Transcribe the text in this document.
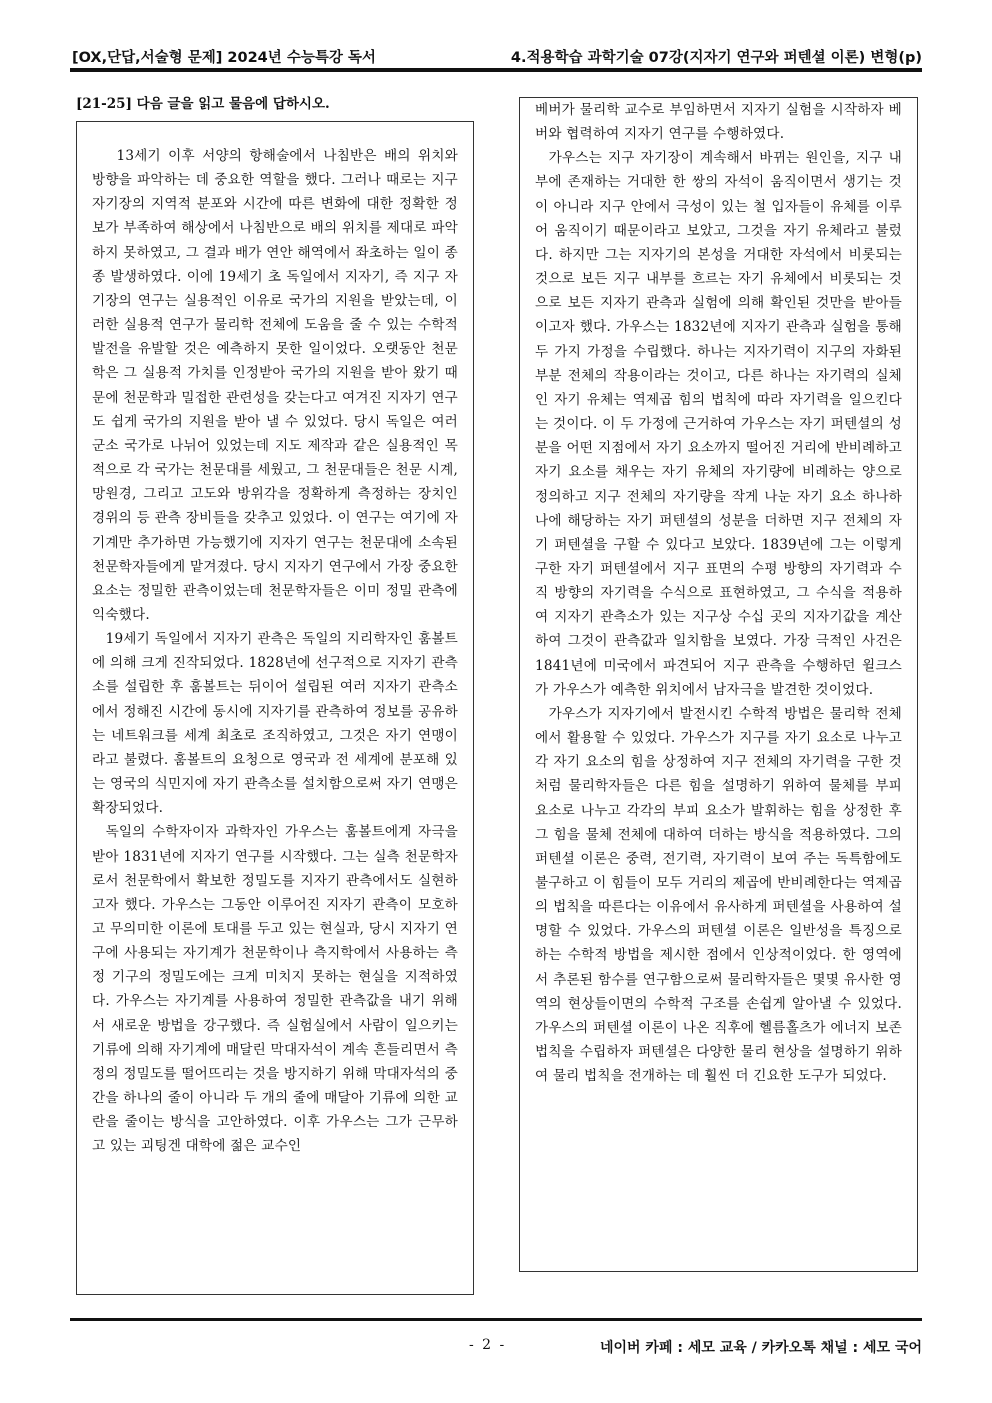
[OX,단답,서술형 문제] 2024년 수능특강 독서	4.적용학습 과학기술 07강(지자기 연구와 퍼텐셜 이론) 변형(p)
[21-25] 다음 글을 읽고 물음에 답하시오.

13세기 이후 서양의 항해술에서 나침반은 배의 위치와 방향을 파악하는 데 중요한 역할을 했다. 그러나 때로는 지구 자기장의 지역적 분포와 시간에 따른 변화에 대한 정확한 정보가 부족하여 해상에서 나침반으로 배의 위치를 제대로 파악하지 못하였고, 그 결과 배가 연안 해역에서 좌초하는 일이 종종 발생하였다. 이에 19세기 초 독일에서 지자기, 즉 지구 자기장의 연구는 실용적인 이유로 국가의 지원을 받았는데, 이러한 실용적 연구가 물리학 전체에 도움을 줄 수 있는 수학적 발전을 유발할 것은 예측하지 못한 일이었다. 오랫동안 천문학은 그 실용적 가치를 인정받아 국가의 지원을 받아 왔기 때문에 천문학과 밀접한 관련성을 갖는다고 여겨진 지자기 연구도 쉽게 국가의 지원을 받아 낼 수 있었다. 당시 독일은 여러 군소 국가로 나뉘어 있었는데 지도 제작과 같은 실용적인 목적으로 각 국가는 천문대를 세웠고, 그 천문대들은 천문 시계, 망원경, 그리고 고도와 방위각을 정확하게 측정하는 장치인 경위의 등 관측 장비들을 갖추고 있었다. 이 연구는 여기에 자기계만 추가하면 가능했기에 지자기 연구는 천문대에 소속된 천문학자들에게 맡겨졌다. 당시 지자기 연구에서 가장 중요한 요소는 정밀한 관측이었는데 천문학자들은 이미 정밀 관측에 익숙했다.

19세기 독일에서 지자기 관측은 독일의 지리학자인 훔볼트에 의해 크게 진작되었다. 1828년에 선구적으로 지자기 관측소를 설립한 후 훔볼트는 뒤이어 설립된 여러 지자기 관측소에서 정해진 시간에 동시에 지자기를 관측하여 정보를 공유하는 네트워크를 세계 최초로 조직하였고, 그것은 자기 연맹이라고 불렸다. 훔볼트의 요청으로 영국과 전 세계에 분포해 있는 영국의 식민지에 자기 관측소를 설치함으로써 자기 연맹은 확장되었다.

독일의 수학자이자 과학자인 가우스는 훔볼트에게 자극을 받아 1831년에 지자기 연구를 시작했다. 그는 실측 천문학자로서 천문학에서 확보한 정밀도를 지자기 관측에서도 실현하고자 했다. 가우스는 그동안 이루어진 지자기 관측이 모호하고 무의미한 이론에 토대를 두고 있는 현실과, 당시 지자기 연구에 사용되는 자기계가 천문학이나 측지학에서 사용하는 측정 기구의 정밀도에는 크게 미치지 못하는 현실을 지적하였다. 가우스는 자기계를 사용하여 정밀한 관측값을 내기 위해서 새로운 방법을 강구했다. 즉 실험실에서 사람이 일으키는 기류에 의해 자기계에 매달린 막대자석이 계속 흔들리면서 측정의 정밀도를 떨어뜨리는 것을 방지하기 위해 막대자석의 중간을 하나의 줄이 아니라 두 개의 줄에 매달아 기류에 의한 교란을 줄이는 방식을 고안하였다. 이후 가우스는 그가 근무하고 있는 괴팅겐 대학에 젊은 교수인

베버가 물리학 교수로 부임하면서 지자기 실험을 시작하자 베버와 협력하여 지자기 연구를 수행하였다.

가우스는 지구 자기장이 계속해서 바뀌는 원인을, 지구 내부에 존재하는 거대한 한 쌍의 자석이 움직이면서 생기는 것이 아니라 지구 안에서 극성이 있는 철 입자들이 유체를 이루어 움직이기 때문이라고 보았고, 그것을 자기 유체라고 불렀다. 하지만 그는 지자기의 본성을 거대한 자석에서 비롯되는 것으로 보든 지구 내부를 흐르는 자기 유체에서 비롯되는 것으로 보든 지자기 관측과 실험에 의해 확인된 것만을 받아들이고자 했다. 가우스는 1832년에 지자기 관측과 실험을 통해 두 가지 가정을 수립했다. 하나는 지자기력이 지구의 자화된 부분 전체의 작용이라는 것이고, 다른 하나는 자기력의 실체인 자기 유체는 역제곱 힘의 법칙에 따라 자기력을 일으킨다는 것이다. 이 두 가정에 근거하여 가우스는 자기 퍼텐셜의 성분을 어떤 지점에서 자기 요소까지 떨어진 거리에 반비례하고 자기 요소를 채우는 자기 유체의 자기량에 비례하는 양으로 정의하고 지구 전체의 자기량을 작게 나눈 자기 요소 하나하나에 해당하는 자기 퍼텐셜의 성분을 더하면 지구 전체의 자기 퍼텐셜을 구할 수 있다고 보았다. 1839년에 그는 이렇게 구한 자기 퍼텐셜에서 지구 표면의 수평 방향의 자기력과 수직 방향의 자기력을 수식으로 표현하였고, 그 수식을 적용하여 지자기 관측소가 있는 지구상 수십 곳의 지자기값을 계산하여 그것이 관측값과 일치함을 보였다. 가장 극적인 사건은 1841년에 미국에서 파견되어 지구 관측을 수행하던 윌크스가 가우스가 예측한 위치에서 남자극을 발견한 것이었다.

가우스가 지자기에서 발전시킨 수학적 방법은 물리학 전체에서 활용할 수 있었다. 가우스가 지구를 자기 요소로 나누고 각 자기 요소의 힘을 상정하여 지구 전체의 자기력을 구한 것처럼 물리학자들은 다른 힘을 설명하기 위하여 물체를 부피 요소로 나누고 각각의 부피 요소가 발휘하는 힘을 상정한 후 그 힘을 물체 전체에 대하여 더하는 방식을 적용하였다. 그의 퍼텐셜 이론은 중력, 전기력, 자기력이 보여 주는 독특함에도 불구하고 이 힘들이 모두 거리의 제곱에 반비례한다는 역제곱의 법칙을 따른다는 이유에서 유사하게 퍼텐셜을 사용하여 설명할 수 있었다. 가우스의 퍼텐셜 이론은 일반성을 특징으로 하는 수학적 방법을 제시한 점에서 인상적이었다. 한 영역에서 추론된 함수를 연구함으로써 물리학자들은 몇몇 유사한 영역의 현상들이면의 수학적 구조를 손쉽게 알아낼 수 있었다. 가우스의 퍼텐셜 이론이 나온 직후에 헬름홀츠가 에너지 보존 법칙을 수립하자 퍼텐셜은 다양한 물리 현상을 설명하기 위하여 물리 법칙을 전개하는 데 훨씬 더 긴요한 도구가 되었다.

- 2 -	네이버 카페 : 세모 교육 / 카카오톡 채널 : 세모 국어
